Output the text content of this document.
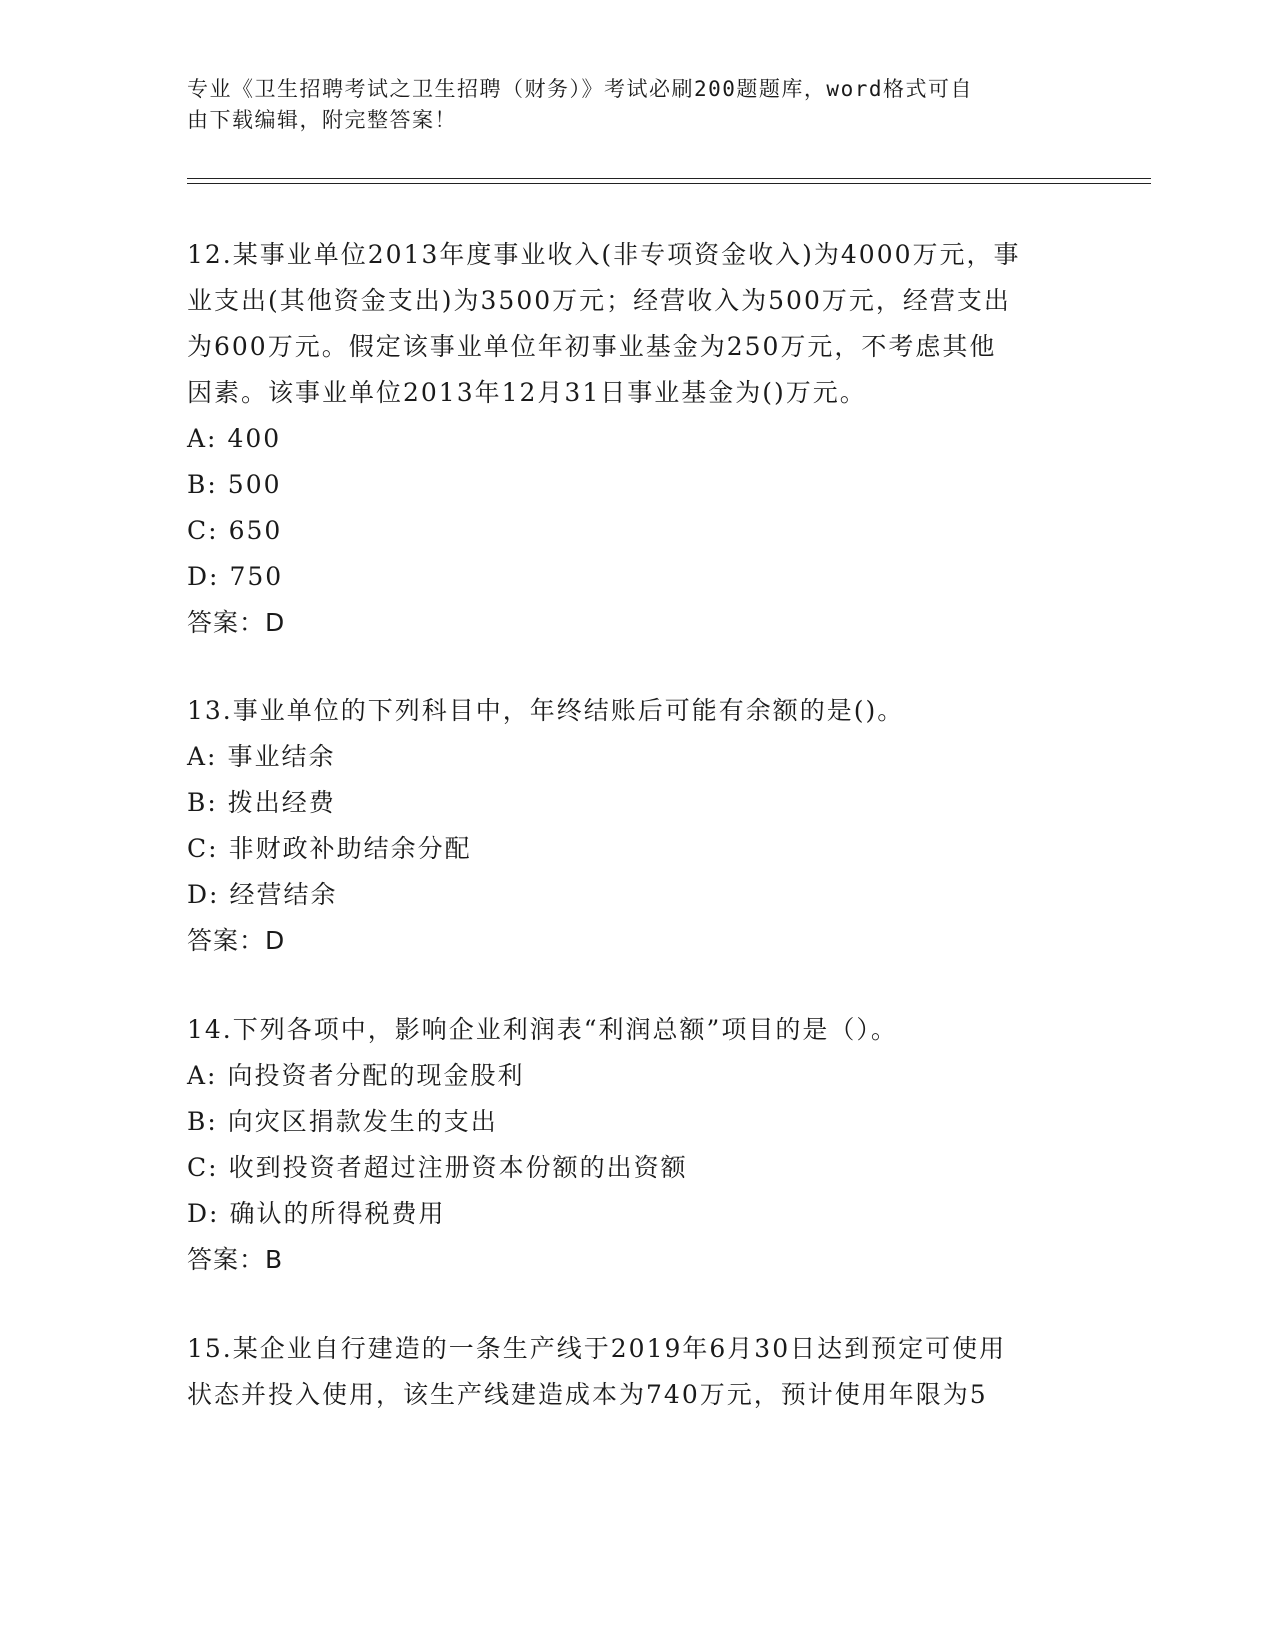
专业《卫生招聘考试之卫生招聘（财务）》考试必刷200题题库，word格式可自
由下载编辑，附完整答案！

12.某事业单位2013年度事业收入(非专项资金收入)为4000万元，事

业支出(其他资金支出)为3500万元；经营收入为500万元，经营支出

为600万元。假定该事业单位年初事业基金为250万元，不考虑其他

因素。该事业单位2013年12月31日事业基金为()万元。

A: 400

B: 500

C: 650

D: 750

答案：D

13.事业单位的下列科目中，年终结账后可能有余额的是()。

A: 事业结余

B: 拨出经费

C: 非财政补助结余分配

D: 经营结余

答案：D

14.下列各项中，影响企业利润表“利润总额”项目的是（）。

A: 向投资者分配的现金股利

B: 向灾区捐款发生的支出

C: 收到投资者超过注册资本份额的出资额

D: 确认的所得税费用

答案：B

15.某企业自行建造的一条生产线于2019年6月30日达到预定可使用

状态并投入使用，该生产线建造成本为740万元，预计使用年限为5
